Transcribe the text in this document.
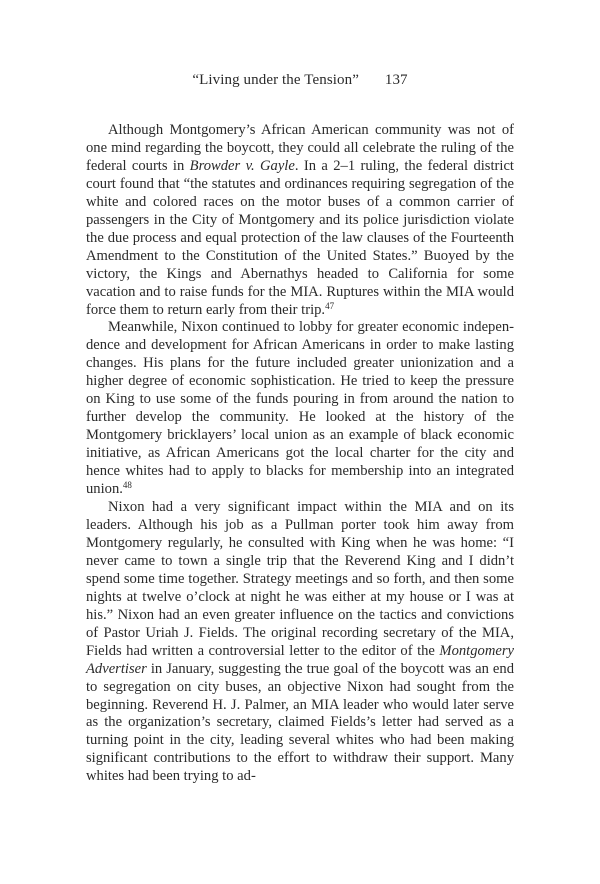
“Living under the Tension” 137

Although Montgomery’s African American community was not of one mind regarding the boycott, they could all celebrate the ruling of the federal courts in Browder v. Gayle. In a 2–1 ruling, the federal district court found that “the statutes and ordinances requiring segregation of the white and colored races on the motor buses of a common carrier of passengers in the City of Montgomery and its police jurisdiction violate the due process and equal protection of the law clauses of the Fourteenth Amendment to the Constitution of the United States.” Buoyed by the victory, the Kings and Abernathys headed to California for some vacation and to raise funds for the MIA. Ruptures within the MIA would force them to return early from their trip.$^{47}$

Meanwhile, Nixon continued to lobby for greater economic independence and development for African Americans in order to make lasting changes. His plans for the future included greater unionization and a higher degree of economic sophistication. He tried to keep the pressure on King to use some of the funds pouring in from around the nation to further develop the community. He looked at the history of the Montgomery bricklayers’ local union as an example of black economic initiative, as African Americans got the local charter for the city and hence whites had to apply to blacks for membership into an integrated union.$^{48}$

Nixon had a very significant impact within the MIA and on its leaders. Although his job as a Pullman porter took him away from Montgomery regularly, he consulted with King when he was home: “I never came to town a single trip that the Reverend King and I didn’t spend some time together. Strategy meetings and so forth, and then some nights at twelve o’clock at night he was either at my house or I was at his.” Nixon had an even greater influence on the tactics and convictions of Pastor Uriah J. Fields. The original recording secretary of the MIA, Fields had written a controversial letter to the editor of the Montgomery Advertiser in January, suggesting the true goal of the boycott was an end to segregation on city buses, an objective Nixon had sought from the beginning. Reverend H. J. Palmer, an MIA leader who would later serve as the organization’s secretary, claimed Fields’s letter had served as a turning point in the city, leading several whites who had been making significant contributions to the effort to withdraw their support. Many whites had been trying to ad-
